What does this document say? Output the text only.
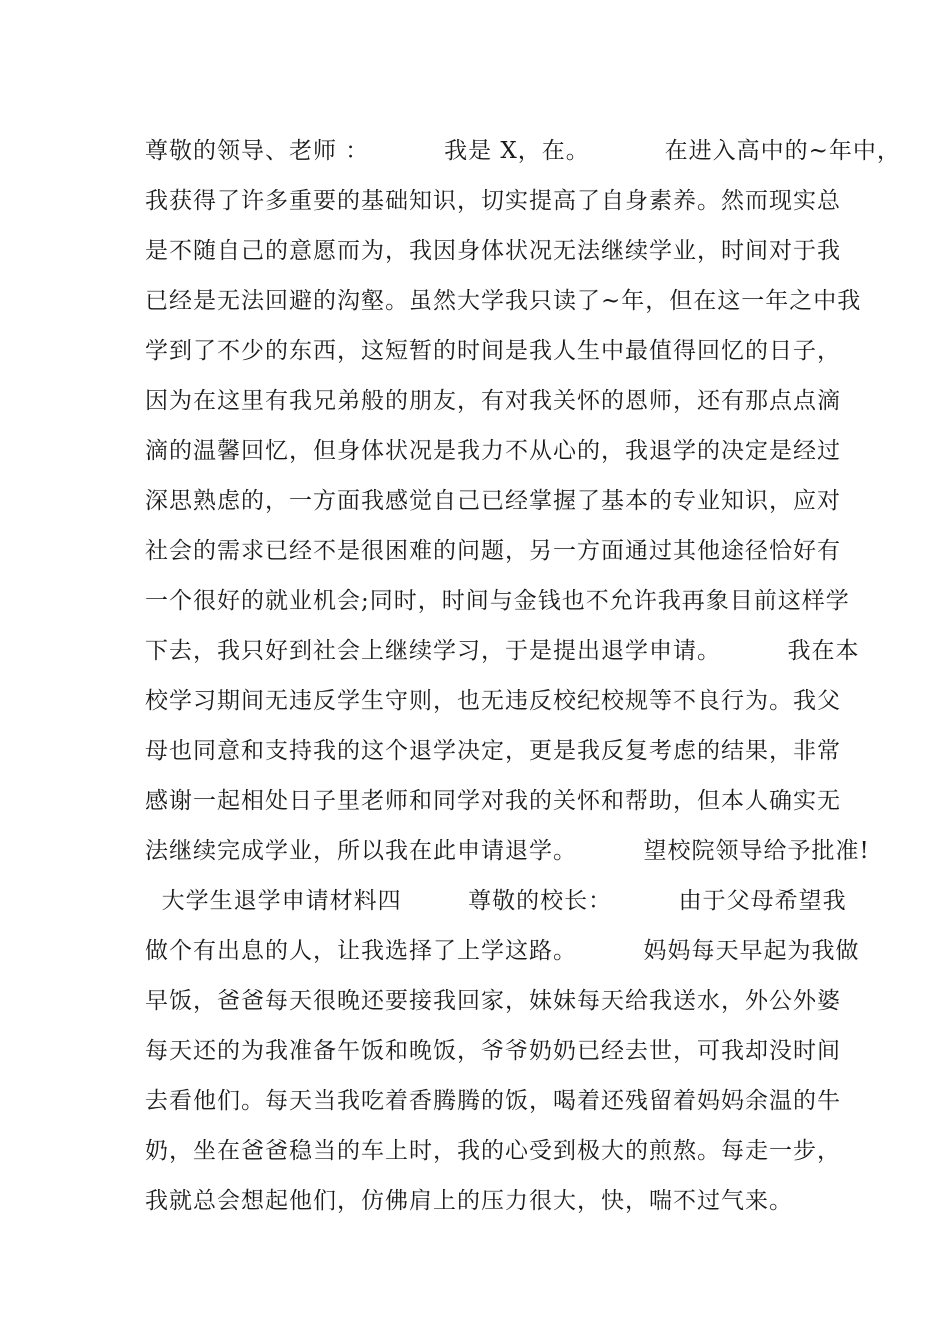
尊敬的领导、老师 ：         我是 X，在。         在进入高中的~年中，
我获得了许多重要的基础知识，切实提高了自身素养。然而现实总
是不随自己的意愿而为，我因身体状况无法继续学业，时间对于我
已经是无法回避的沟壑。虽然大学我只读了~年，但在这一年之中我
学到了不少的东西，这短暂的时间是我人生中最值得回忆的日子，
因为在这里有我兄弟般的朋友，有对我关怀的恩师，还有那点点滴
滴的温馨回忆，但身体状况是我力不从心的，我退学的决定是经过
深思熟虑的，一方面我感觉自己已经掌握了基本的专业知识，应对
社会的需求已经不是很困难的问题，另一方面通过其他途径恰好有
一个很好的就业机会;同时，时间与金钱也不允许我再象目前这样学
下去，我只好到社会上继续学习，于是提出退学申请。        我在本
校学习期间无违反学生守则，也无违反校纪校规等不良行为。我父
母也同意和支持我的这个退学决定，更是我反复考虑的结果，非常
感谢一起相处日子里老师和同学对我的关怀和帮助，但本人确实无
法继续完成学业，所以我在此申请退学。        望校院领导给予批准!
大学生退学申请材料四        尊敬的校长：        由于父母希望我
做个有出息的人，让我选择了上学这路。        妈妈每天早起为我做
早饭，爸爸每天很晚还要接我回家，妹妹每天给我送水，外公外婆
每天还的为我准备午饭和晚饭，爷爷奶奶已经去世，可我却没时间
去看他们。每天当我吃着香腾腾的饭，喝着还残留着妈妈余温的牛
奶，坐在爸爸稳当的车上时，我的心受到极大的煎熬。每走一步，
我就总会想起他们，仿佛肩上的压力很大，快，喘不过气来。
